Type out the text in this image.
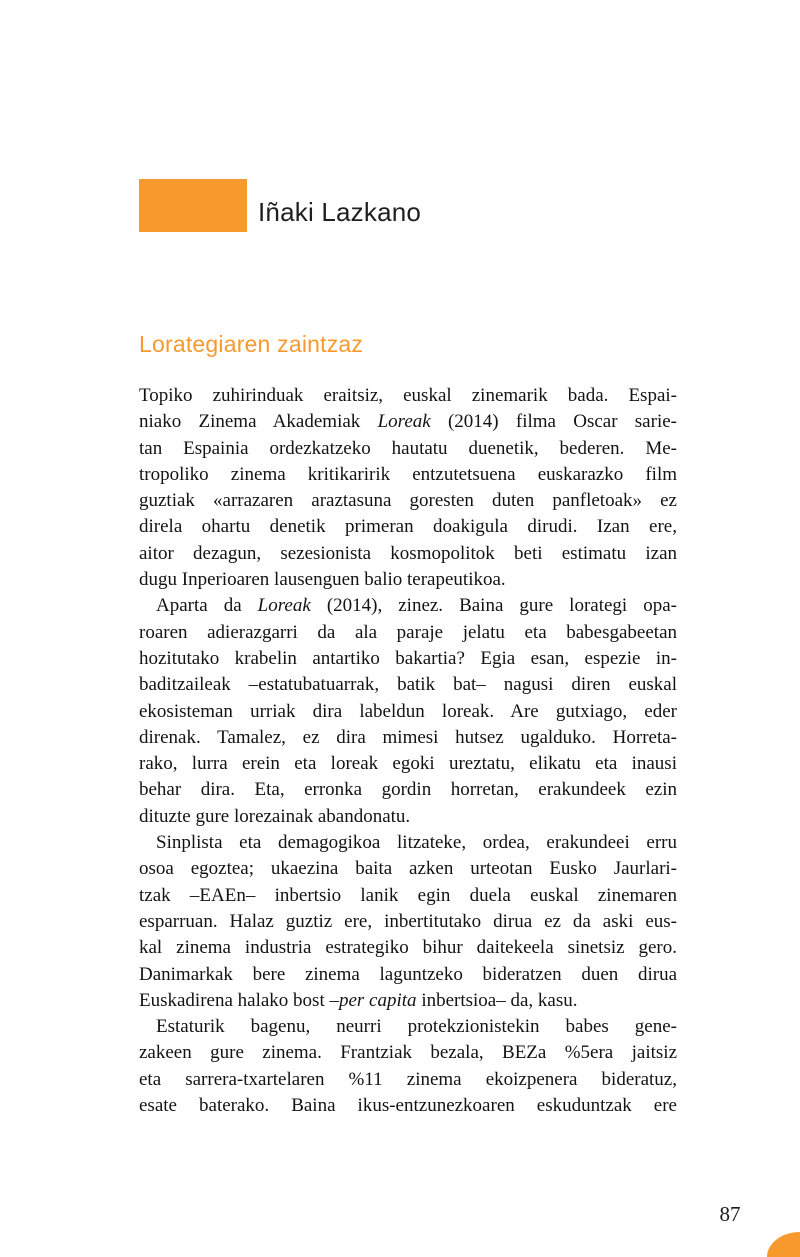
Iñaki Lazkano
Lorategiaren zaintzaz
Topiko zuhirinduak eraitsiz, euskal zinemarik bada. Espai-
niako Zinema Akademiak Loreak (2014) filma Oscar sarie-
tan Espainia ordezkatzeko hautatu duenetik, bederen. Me-
tropoliko zinema kritikaririk entzutetsuena euskarazko film
guztiak «arrazaren araztasuna goresten duten panfletoak» ez
direla ohartu denetik primeran doakigula dirudi. Izan ere,
aitor dezagun, sezesionista kosmopolitok beti estimatu izan
dugu Inperioaren lausenguen balio terapeutikoa.
Aparta da Loreak (2014), zinez. Baina gure lorategi opa-
roaren adierazgarri da ala paraje jelatu eta babesgabeetan
hozitutako krabelin antartiko bakartia? Egia esan, espezie in-
baditzaileak –estatubatuarrak, batik bat– nagusi diren euskal
ekosisteman urriak dira labeldun loreak. Are gutxiago, eder
direnak. Tamalez, ez dira mimesi hutsez ugalduko. Horreta-
rako, lurra erein eta loreak egoki ureztatu, elikatu eta inausi
behar dira. Eta, erronka gordin horretan, erakundeek ezin
dituzte gure lorezainak abandonatu.
Sinplista eta demagogikoa litzateke, ordea, erakundeei erru
osoa egoztea; ukaezina baita azken urteotan Eusko Jaurlari-
tzak –EAEn– inbertsio lanik egin duela euskal zinemaren
esparruan. Halaz guztiz ere, inbertitutako dirua ez da aski eus-
kal zinema industria estrategiko bihur daitekeela sinetsiz gero.
Danimarkak bere zinema laguntzeko bideratzen duen dirua
Euskadirena halako bost –per capita inbertsioa– da, kasu.
Estaturik bagenu, neurri protekzionistekin babes gene-
zakeen gure zinema. Frantziak bezala, BEZa %5era jaitsiz
eta sarrera-txartelaren %11 zinema ekoizpenera bideratuz,
esate baterako. Baina ikus-entzunezkoaren eskuduntzak ere
87
